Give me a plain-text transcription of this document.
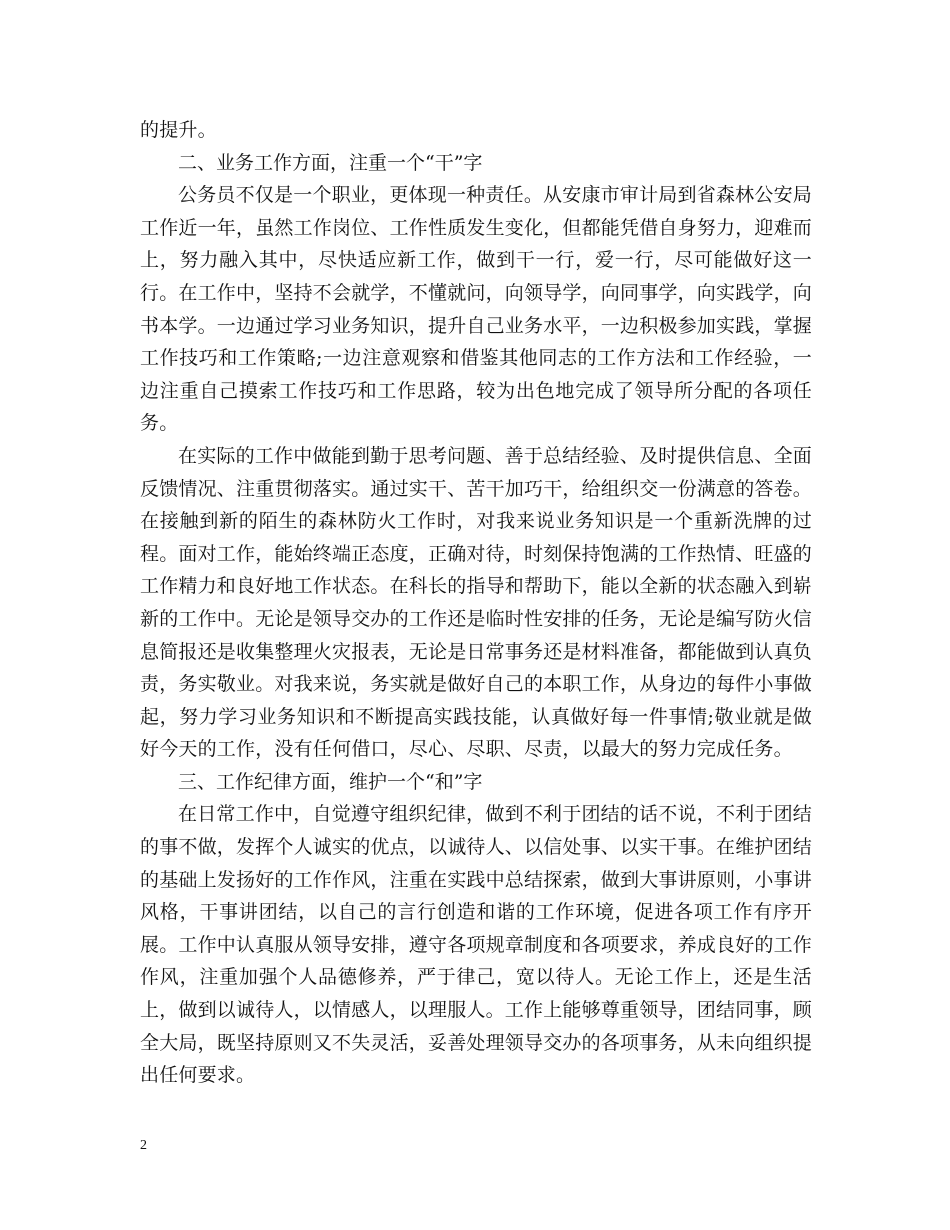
的提升。

二、业务工作方面，注重一个“干”字

公务员不仅是一个职业，更体现一种责任。从安康市审计局到省森林公安局工作近一年，虽然工作岗位、工作性质发生变化，但都能凭借自身努力，迎难而上，努力融入其中，尽快适应新工作，做到干一行，爱一行，尽可能做好这一行。在工作中，坚持不会就学，不懂就问，向领导学，向同事学，向实践学，向书本学。一边通过学习业务知识，提升自己业务水平，一边积极参加实践，掌握工作技巧和工作策略;一边注意观察和借鉴其他同志的工作方法和工作经验，一边注重自己摸索工作技巧和工作思路，较为出色地完成了领导所分配的各项任务。

在实际的工作中做能到勤于思考问题、善于总结经验、及时提供信息、全面反馈情况、注重贯彻落实。通过实干、苦干加巧干，给组织交一份满意的答卷。在接触到新的陌生的森林防火工作时，对我来说业务知识是一个重新洗牌的过程。面对工作，能始终端正态度，正确对待，时刻保持饱满的工作热情、旺盛的工作精力和良好地工作状态。在科长的指导和帮助下，能以全新的状态融入到崭新的工作中。无论是领导交办的工作还是临时性安排的任务，无论是编写防火信息简报还是收集整理火灾报表，无论是日常事务还是材料准备，都能做到认真负责，务实敬业。对我来说，务实就是做好自己的本职工作，从身边的每件小事做起，努力学习业务知识和不断提高实践技能，认真做好每一件事情;敬业就是做好今天的工作，没有任何借口，尽心、尽职、尽责，以最大的努力完成任务。

三、工作纪律方面，维护一个“和”字

在日常工作中，自觉遵守组织纪律，做到不利于团结的话不说，不利于团结的事不做，发挥个人诚实的优点，以诚待人、以信处事、以实干事。在维护团结的基础上发扬好的工作作风，注重在实践中总结探索，做到大事讲原则，小事讲风格，干事讲团结，以自己的言行创造和谐的工作环境，促进各项工作有序开展。工作中认真服从领导安排，遵守各项规章制度和各项要求，养成良好的工作作风，注重加强个人品德修养，严于律己，宽以待人。无论工作上，还是生活上，做到以诚待人，以情感人，以理服人。工作上能够尊重领导，团结同事，顾全大局，既坚持原则又不失灵活，妥善处理领导交办的各项事务，从未向组织提出任何要求。

2
